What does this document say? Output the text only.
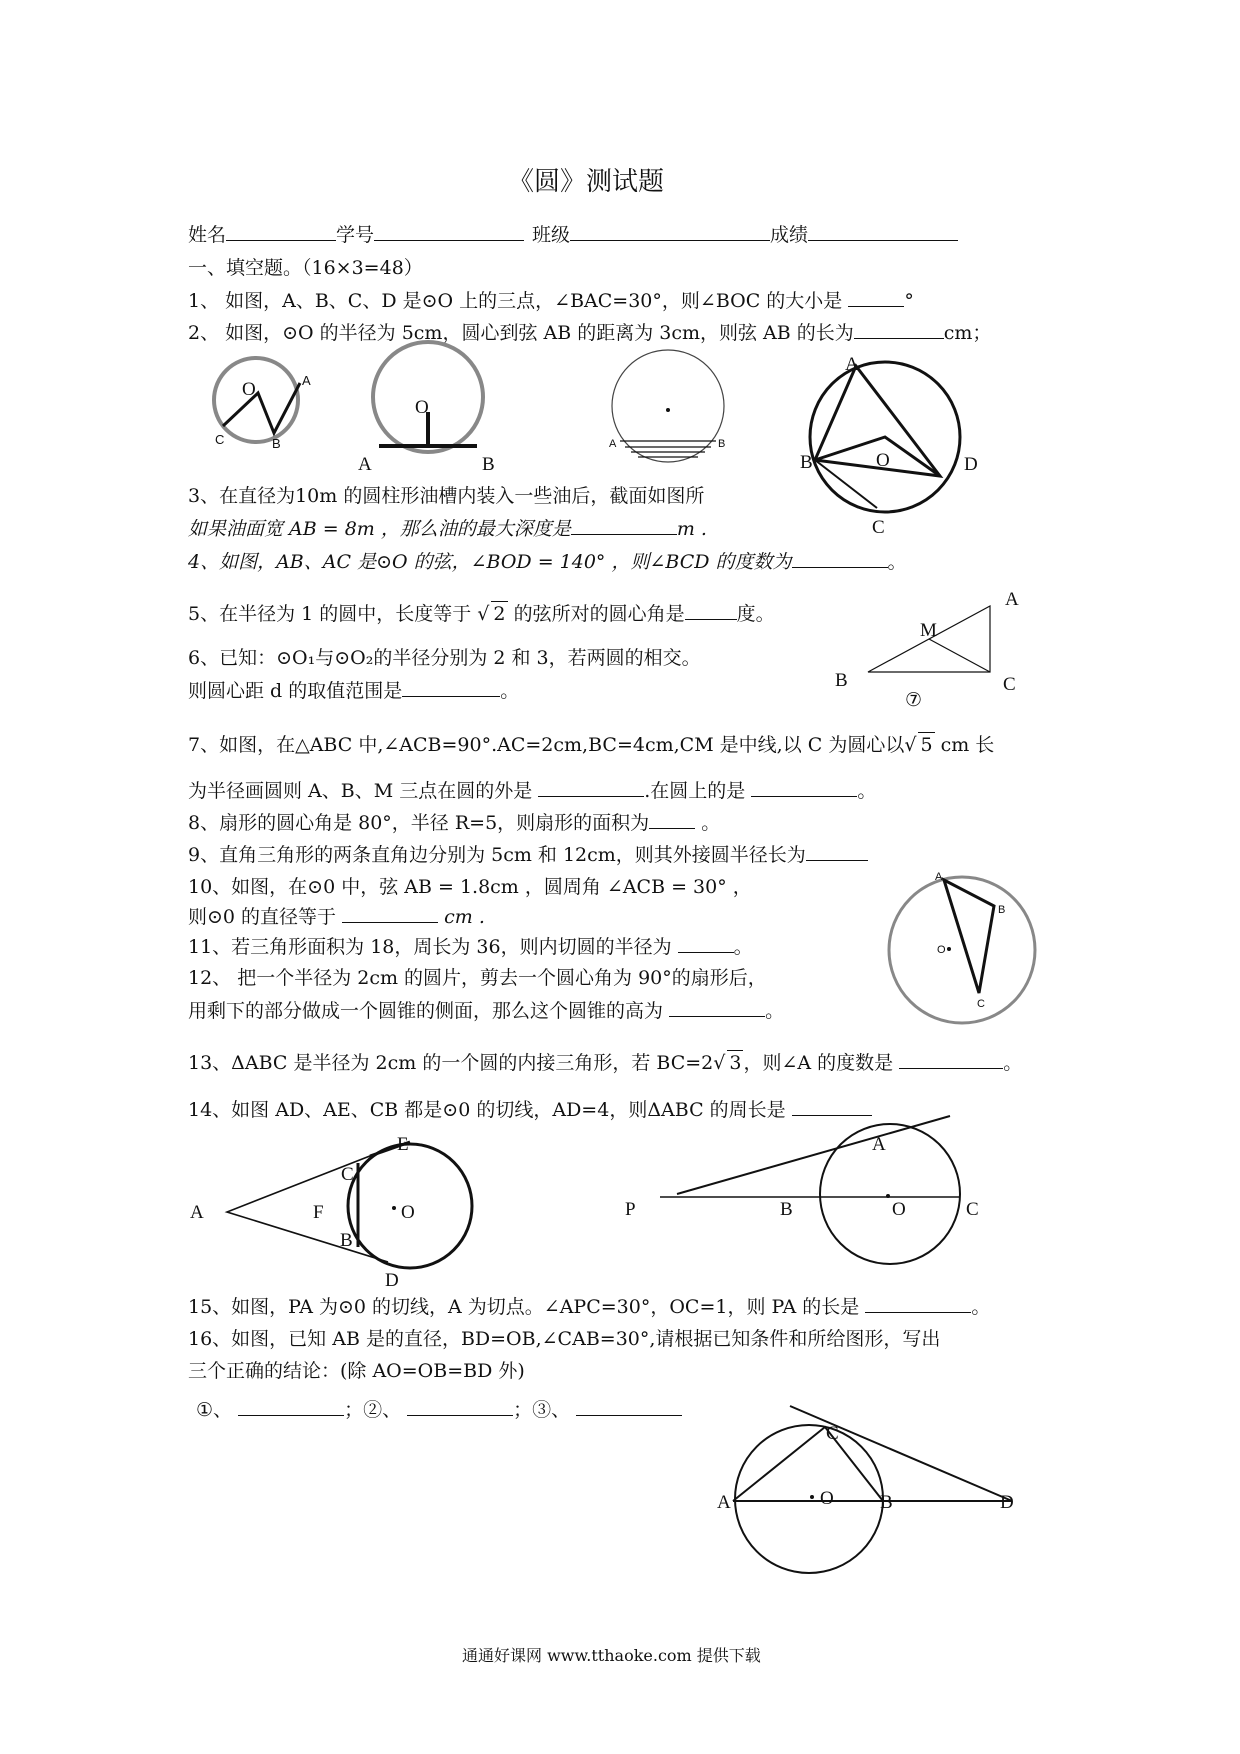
《圆》测试题
姓名	学号	班级	成绩
一、填空题。（16×3=48）
1、 如图，A、B、C、D 是⊙O 上的三点，∠BAC=30°，则∠BOC 的大小是	°
2、 如图，⊙O 的半径为 5cm，圆心到弦 AB 的距离为 3cm，则弦 AB 的长为	cm；
3、在直径为10m 的圆柱形油槽内装入一些油后，截面如图所
如果油面宽 AB = 8m ，那么油的最大深度是	m .
4、如图，AB、AC 是⊙O 的弦，∠BOD = 140° ，则∠BCD 的度数为	。
5、在半径为 1 的圆中，长度等于 √ 2 的弦所对的圆心角是	度。
6、已知：⊙O₁与⊙O₂的半径分别为 2 和 3，若两圆的相交。
则圆心距 d 的取值范围是	。
7、如图，在△ABC 中,∠ACB=90°.AC=2cm,BC=4cm,CM 是中线,以 C 为圆心以√ 5 cm 长
为半径画圆则 A、B、M 三点在圆的外是	.在圆上的是	。
8、扇形的圆心角是 80°，半径 R=5，则扇形的面积为	。
9、直角三角形的两条直角边分别为 5cm 和 12cm，则其外接圆半径长为
10、如图，在⊙0 中，弦 AB = 1.8cm ，圆周角 ∠ACB = 30° ，
则⊙0 的直径等于	cm .
11、若三角形面积为 18，周长为 36，则内切圆的半径为	。
12、 把一个半径为 2cm 的圆片，剪去一个圆心角为 90°的扇形后，
用剩下的部分做成一个圆锥的侧面，那么这个圆锥的高为	。
13、ΔABC 是半径为 2cm 的一个圆的内接三角形，若 BC=2√ 3 ，则∠A 的度数是	。
14、如图 AD、AE、CB 都是⊙0 的切线，AD=4，则ΔABC 的周长是
15、如图，PA 为⊙0 的切线，A 为切点。∠APC=30°，OC=1，则 PA 的长是	。
16、如图，已知 AB 是的直径，BD=OB,∠CAB=30°,请根据已知条件和所给图形，写出
三个正确的结论：(除 AO=OB=BD 外)
①、	；②、	；③、
通通好课网 www.tthaoke.com 提供下载
O	A
C	B
O
A	B
A	B
A
O
B	D
C
A
M
B	C
⑦
A
B
O
C
A	F	O
C
E
B
D
P
A
B	O	C
A
C
O B	D
